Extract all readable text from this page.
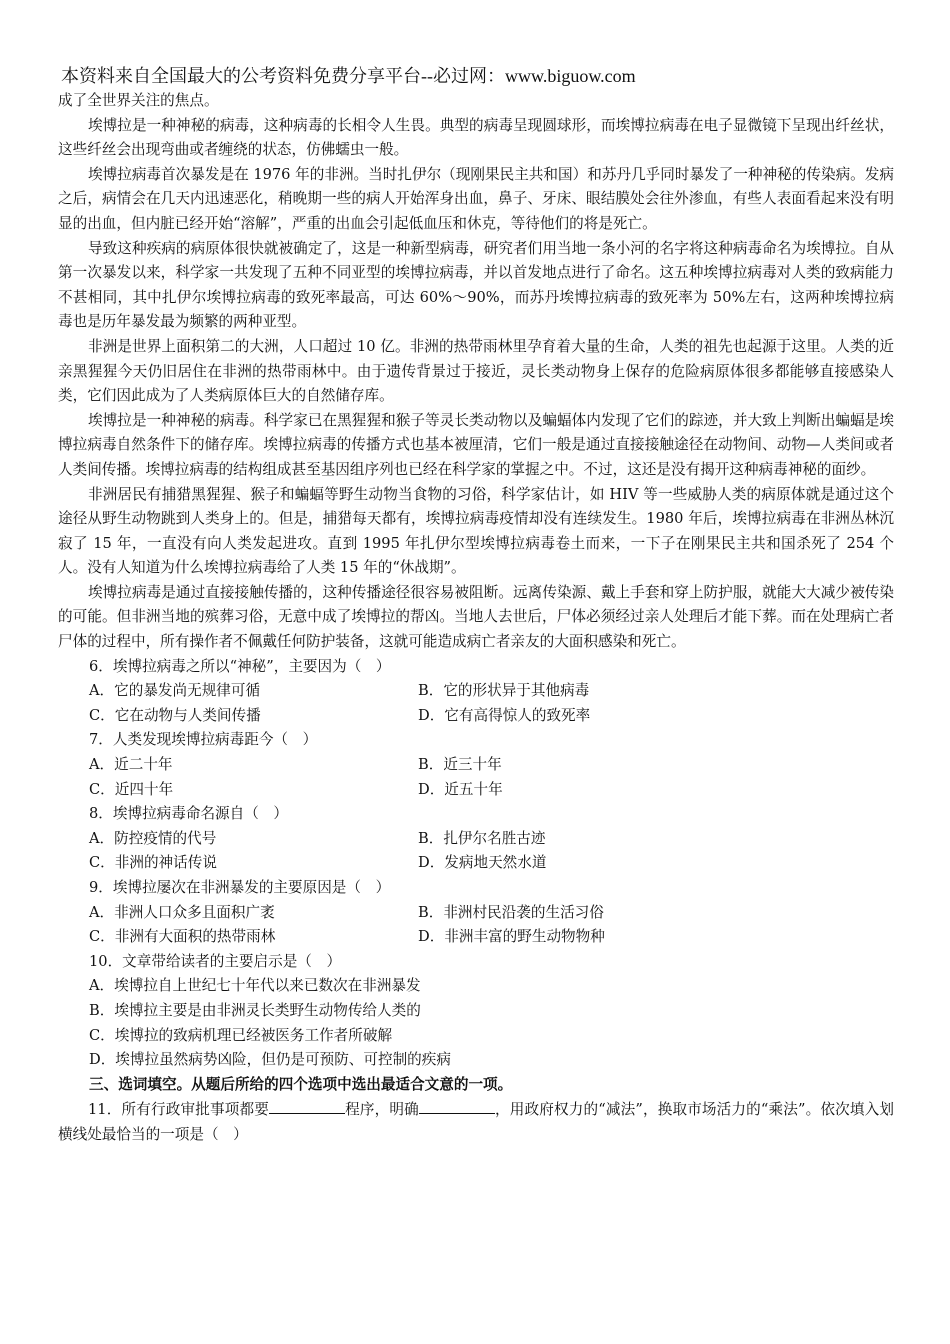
本资料来自全国最大的公考资料免费分享平台--必过网：www.biguow.com

成了全世界关注的焦点。

埃博拉是一种神秘的病毒，这种病毒的长相令人生畏。典型的病毒呈现圆球形，而埃博拉病毒在电子显微镜下呈现出纤丝状，这些纤丝会出现弯曲或者缠绕的状态，仿佛蠕虫一般。

埃博拉病毒首次暴发是在 1976 年的非洲。当时扎伊尔（现刚果民主共和国）和苏丹几乎同时暴发了一种神秘的传染病。发病之后，病情会在几天内迅速恶化，稍晚期一些的病人开始浑身出血，鼻子、牙床、眼结膜处会往外渗血，有些人表面看起来没有明显的出血，但内脏已经开始“溶解”，严重的出血会引起低血压和休克，等待他们的将是死亡。

导致这种疾病的病原体很快就被确定了，这是一种新型病毒，研究者们用当地一条小河的名字将这种病毒命名为埃博拉。自从第一次暴发以来，科学家一共发现了五种不同亚型的埃博拉病毒，并以首发地点进行了命名。这五种埃博拉病毒对人类的致病能力不甚相同，其中扎伊尔埃博拉病毒的致死率最高，可达 60%～90%，而苏丹埃博拉病毒的致死率为 50%左右，这两种埃博拉病毒也是历年暴发最为频繁的两种亚型。

非洲是世界上面积第二的大洲，人口超过 10 亿。非洲的热带雨林里孕育着大量的生命，人类的祖先也起源于这里。人类的近亲黑猩猩今天仍旧居住在非洲的热带雨林中。由于遗传背景过于接近，灵长类动物身上保存的危险病原体很多都能够直接感染人类，它们因此成为了人类病原体巨大的自然储存库。

埃博拉是一种神秘的病毒。科学家已在黑猩猩和猴子等灵长类动物以及蝙蝠体内发现了它们的踪迹，并大致上判断出蝙蝠是埃博拉病毒自然条件下的储存库。埃博拉病毒的传播方式也基本被厘清，它们一般是通过直接接触途径在动物间、动物—人类间或者人类间传播。埃博拉病毒的结构组成甚至基因组序列也已经在科学家的掌握之中。不过，这还是没有揭开这种病毒神秘的面纱。

非洲居民有捕猎黑猩猩、猴子和蝙蝠等野生动物当食物的习俗，科学家估计，如 HIV 等一些威胁人类的病原体就是通过这个途径从野生动物跳到人类身上的。但是，捕猎每天都有，埃博拉病毒疫情却没有连续发生。1980 年后，埃博拉病毒在非洲丛林沉寂了 15 年，一直没有向人类发起进攻。直到 1995 年扎伊尔型埃博拉病毒卷土而来，一下子在刚果民主共和国杀死了 254 个人。没有人知道为什么埃博拉病毒给了人类 15 年的“休战期”。

埃博拉病毒是通过直接接触传播的，这种传播途径很容易被阻断。远离传染源、戴上手套和穿上防护服，就能大大减少被传染的可能。但非洲当地的殡葬习俗，无意中成了埃博拉的帮凶。当地人去世后，尸体必须经过亲人处理后才能下葬。而在处理病亡者尸体的过程中，所有操作者不佩戴任何防护装备，这就可能造成病亡者亲友的大面积感染和死亡。

6．埃博拉病毒之所以“神秘”，主要因为（　）
A．它的暴发尚无规律可循	B．它的形状异于其他病毒
C．它在动物与人类间传播	D．它有高得惊人的致死率
7．人类发现埃博拉病毒距今（　）
A．近二十年	B．近三十年
C．近四十年	D．近五十年
8．埃博拉病毒命名源自（　）
A．防控疫情的代号	B．扎伊尔名胜古迹
C．非洲的神话传说	D．发病地天然水道
9．埃博拉屡次在非洲暴发的主要原因是（　）
A．非洲人口众多且面积广袤	B．非洲村民沿袭的生活习俗
C．非洲有大面积的热带雨林	D．非洲丰富的野生动物物种
10．文章带给读者的主要启示是（　）
A．埃博拉自上世纪七十年代以来已数次在非洲暴发
B．埃博拉主要是由非洲灵长类野生动物传给人类的
C．埃博拉的致病机理已经被医务工作者所破解
D．埃博拉虽然病势凶险，但仍是可预防、可控制的疾病
三、选词填空。从题后所给的四个选项中选出最适合文意的一项。

11．所有行政审批事项都要	程序，明确	，用政府权力的“减法”，换取市场活力的“乘法”。依次填入划横线处最恰当的一项是（　）
